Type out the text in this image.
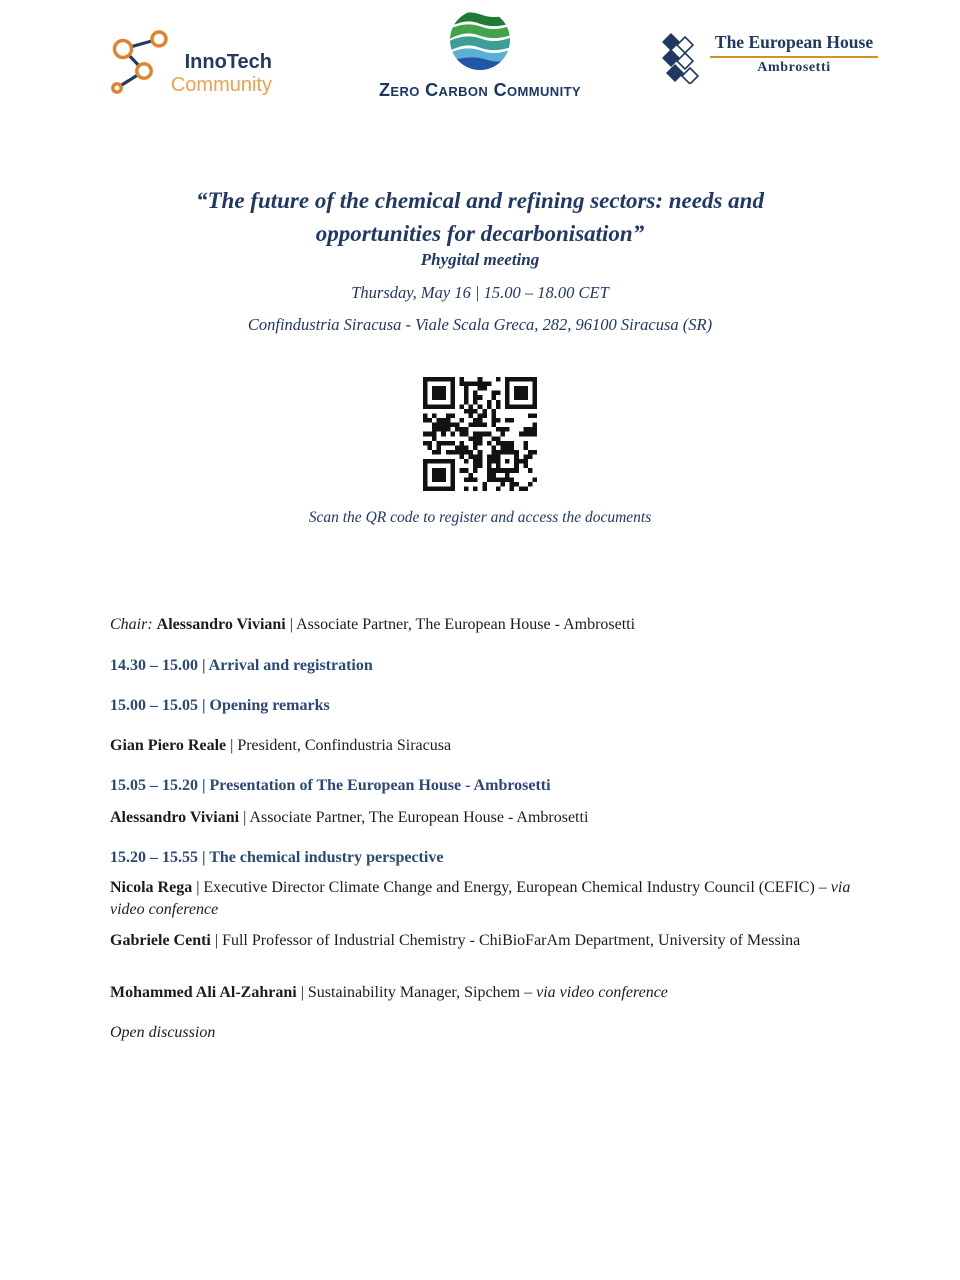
InnoTech
Community	Zero Carbon Community
The European House
Ambrosetti
“The future of the chemical and refining sectors: needs and
opportunities for decarbonisation”
Phygital meeting
Thursday, May 16 | 15.00 – 18.00 CET
Confindustria Siracusa - Viale Scala Greca, 282, 96100 Siracusa (SR)
Scan the QR code to register and access the documents

Chair: Alessandro Viviani | Associate Partner, The European House - Ambrosetti

14.30 – 15.00 | Arrival and registration

15.00 – 15.05 | Opening remarks

Gian Piero Reale | President, Confindustria Siracusa

15.05 – 15.20 | Presentation of The European House - Ambrosetti

Alessandro Viviani | Associate Partner, The European House - Ambrosetti

15.20 – 15.55 | The chemical industry perspective

Nicola Rega | Executive Director Climate Change and Energy, European Chemical Industry Council (CEFIC) – via video conference

Gabriele Centi | Full Professor of Industrial Chemistry - ChiBioFarAm Department, University of Messina

Mohammed Ali Al-Zahrani | Sustainability Manager, Sipchem – via video conference

Open discussion
